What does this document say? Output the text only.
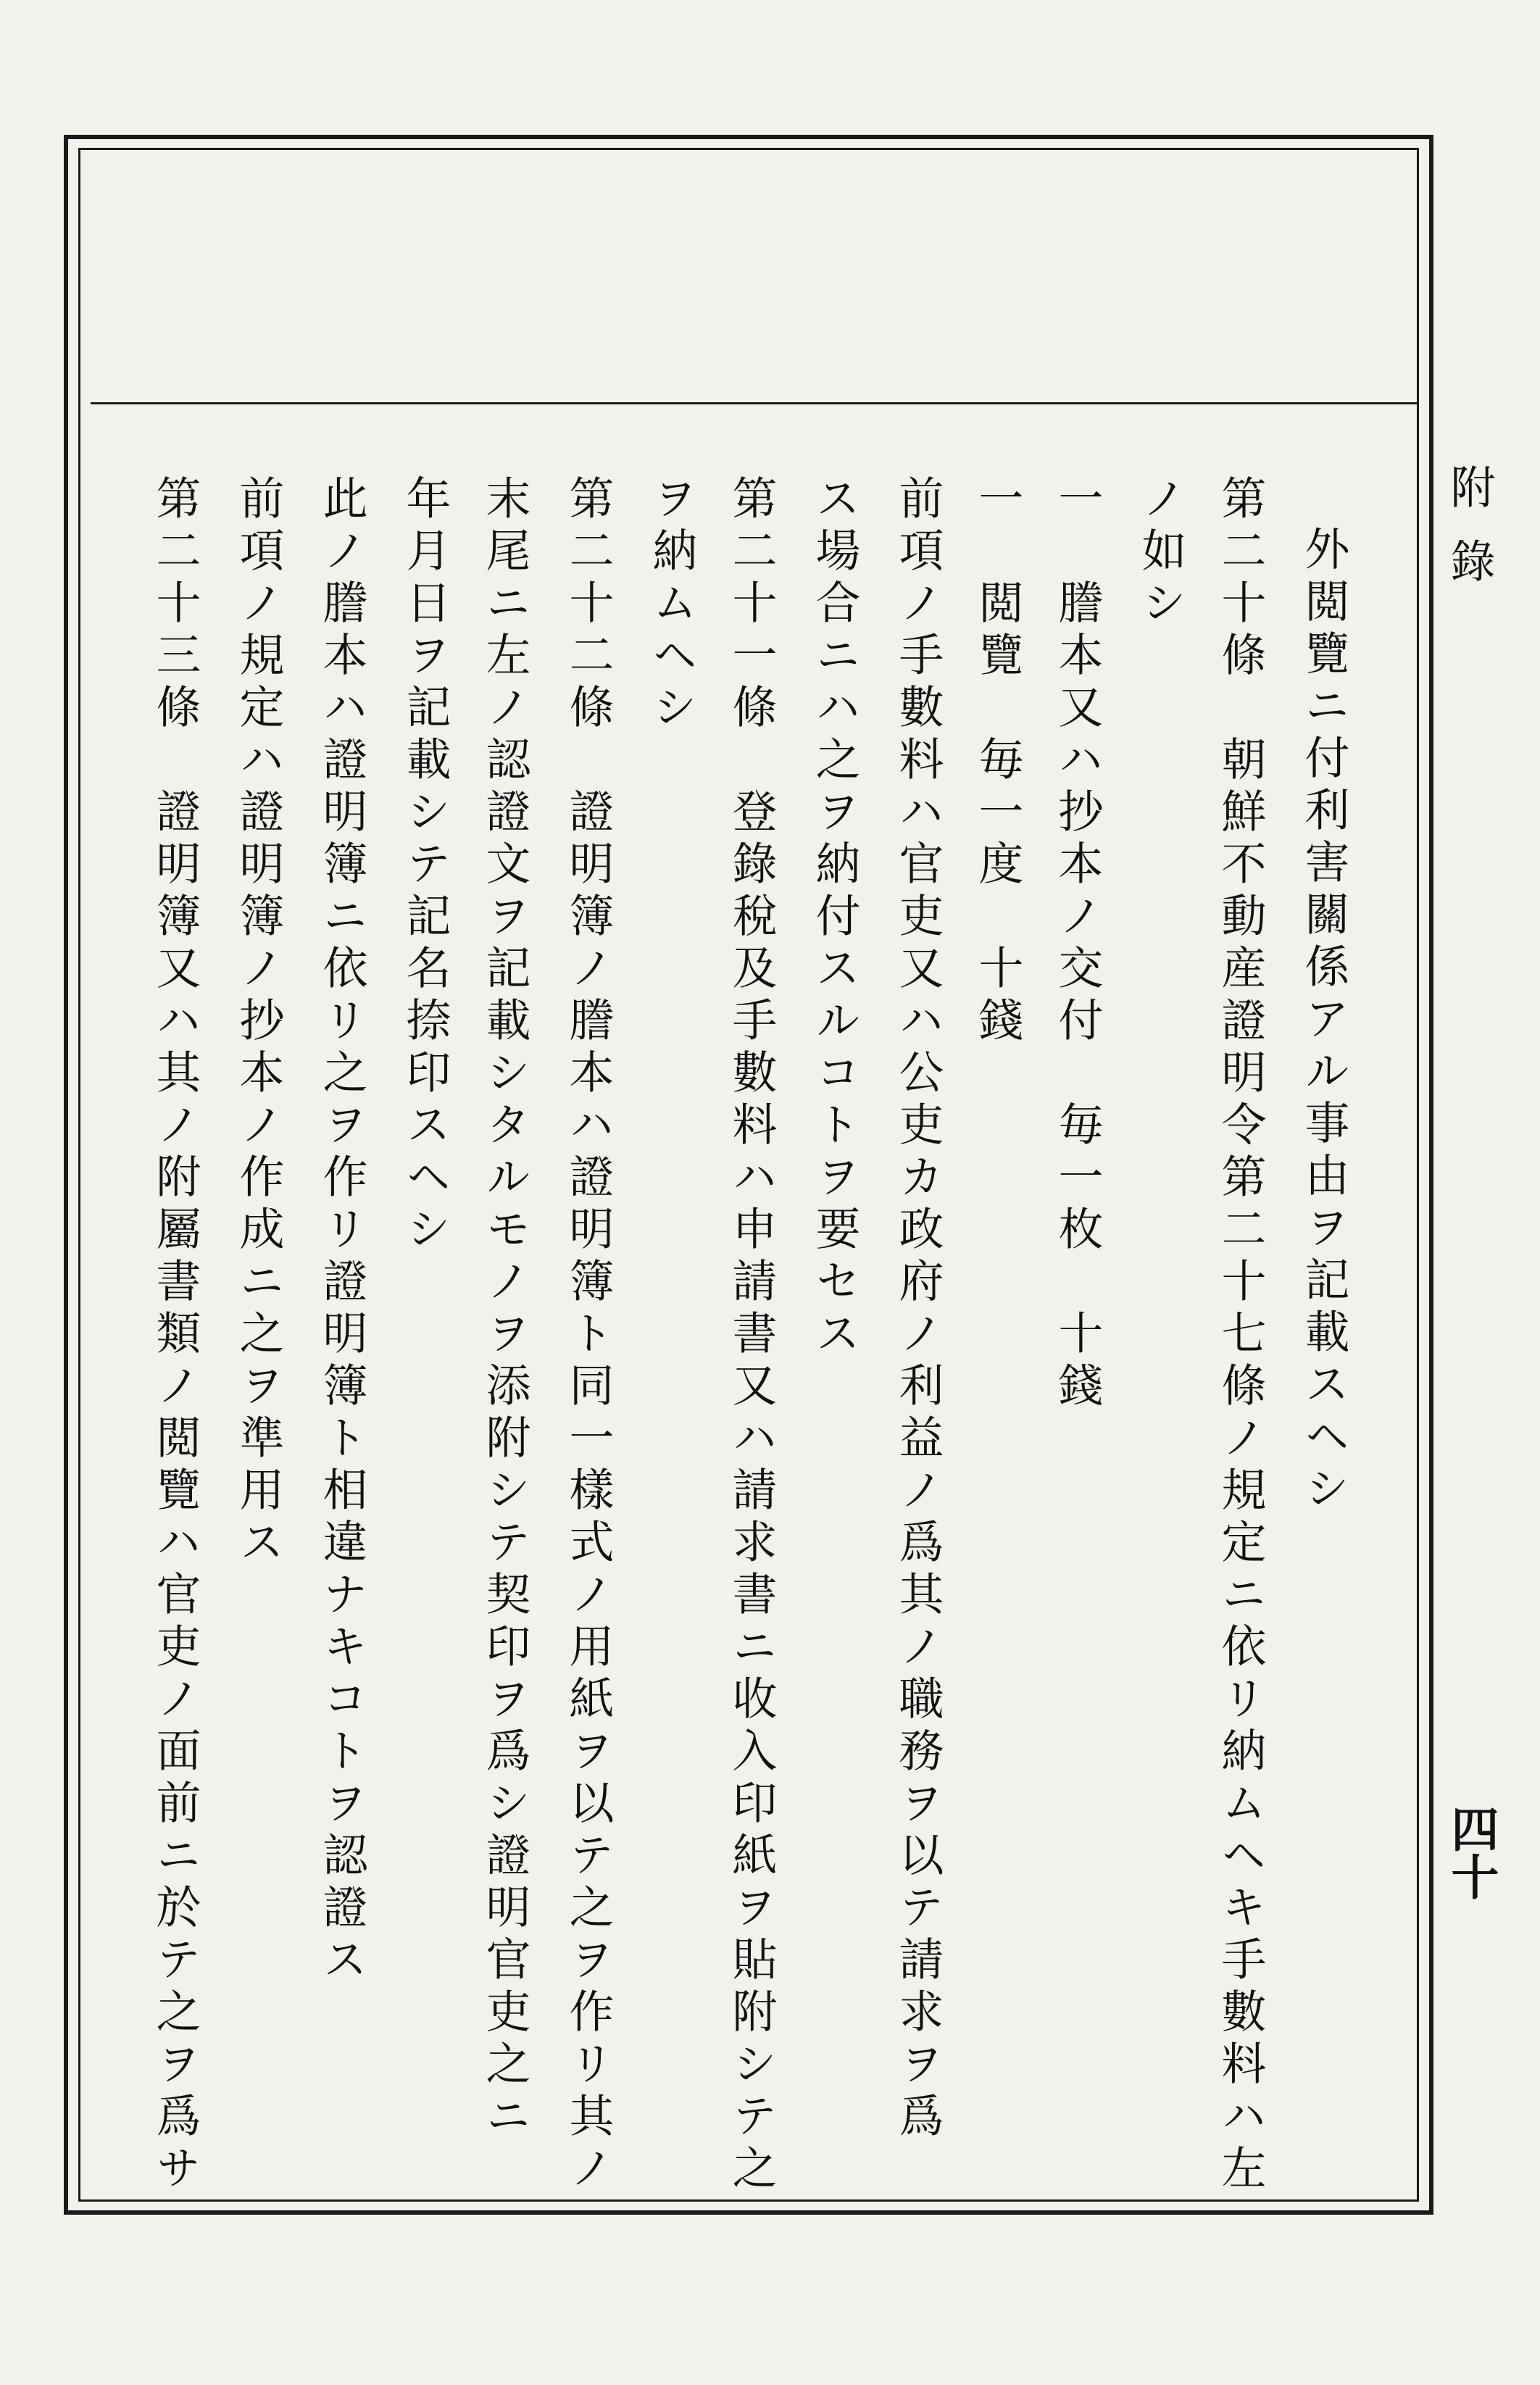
附錄
四十
外閲覽ニ付利害關係アル事由ヲ記載スヘシ
第二十條　朝鮮不動産證明令第二十七條ノ規定ニ依リ納ムヘキ手數料ハ左
ノ如シ
一　謄本又ハ抄本ノ交付　毎一枚　十錢
一　閲覽　毎一度　十錢
前項ノ手數料ハ官吏又ハ公吏カ政府ノ利益ノ爲其ノ職務ヲ以テ請求ヲ爲
ス場合ニハ之ヲ納付スルコトヲ要セス
第二十一條　登錄稅及手數料ハ申請書又ハ請求書ニ收入印紙ヲ貼附シテ之
ヲ納ムヘシ
第二十二條　證明簿ノ謄本ハ證明簿ト同一樣式ノ用紙ヲ以テ之ヲ作リ其ノ
末尾ニ左ノ認證文ヲ記載シタルモノヲ添附シテ契印ヲ爲シ證明官吏之ニ
年月日ヲ記載シテ記名捺印スヘシ
此ノ謄本ハ證明簿ニ依リ之ヲ作リ證明簿ト相違ナキコトヲ認證ス
前項ノ規定ハ證明簿ノ抄本ノ作成ニ之ヲ準用ス
第二十三條　證明簿又ハ其ノ附屬書類ノ閲覽ハ官吏ノ面前ニ於テ之ヲ爲サ
